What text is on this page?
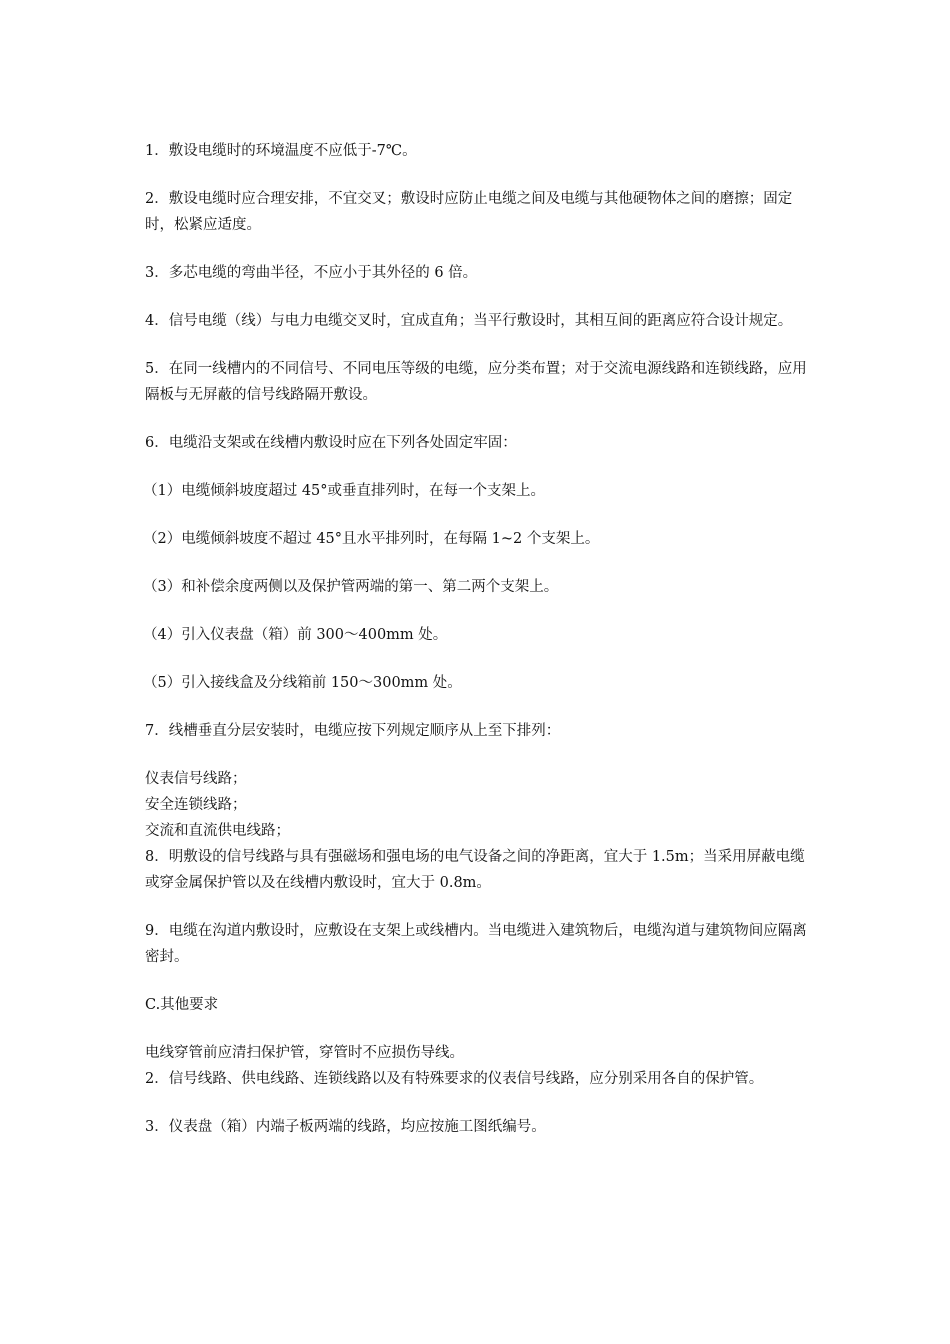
1．敷设电缆时的环境温度不应低于-7℃。

2．敷设电缆时应合理安排，不宜交叉；敷设时应防止电缆之间及电缆与其他硬物体之间的磨擦；固定时，松紧应适度。

3．多芯电缆的弯曲半径，不应小于其外径的 6 倍。

4．信号电缆（线）与电力电缆交叉时，宜成直角；当平行敷设时，其相互间的距离应符合设计规定。

5．在同一线槽内的不同信号、不同电压等级的电缆，应分类布置；对于交流电源线路和连锁线路，应用隔板与无屏蔽的信号线路隔开敷设。

6．电缆沿支架或在线槽内敷设时应在下列各处固定牢固：

（1）电缆倾斜坡度超过 45°或垂直排列时，在每一个支架上。

（2）电缆倾斜坡度不超过 45°且水平排列时，在每隔 1~2 个支架上。

（3）和补偿余度两侧以及保护管两端的第一、第二两个支架上。

（4）引入仪表盘（箱）前 300～400mm 处。

（5）引入接线盒及分线箱前 150～300mm 处。

7．线槽垂直分层安装时，电缆应按下列规定顺序从上至下排列：

仪表信号线路；

安全连锁线路；

交流和直流供电线路；

8．明敷设的信号线路与具有强磁场和强电场的电气设备之间的净距离，宜大于 1.5m；当采用屏蔽电缆或穿金属保护管以及在线槽内敷设时，宜大于 0.8m。

9．电缆在沟道内敷设时，应敷设在支架上或线槽内。当电缆进入建筑物后，电缆沟道与建筑物间应隔离密封。

C.其他要求

电线穿管前应清扫保护管，穿管时不应损伤导线。

2．信号线路、供电线路、连锁线路以及有特殊要求的仪表信号线路，应分别采用各自的保护管。

3．仪表盘（箱）内端子板两端的线路，均应按施工图纸编号。
